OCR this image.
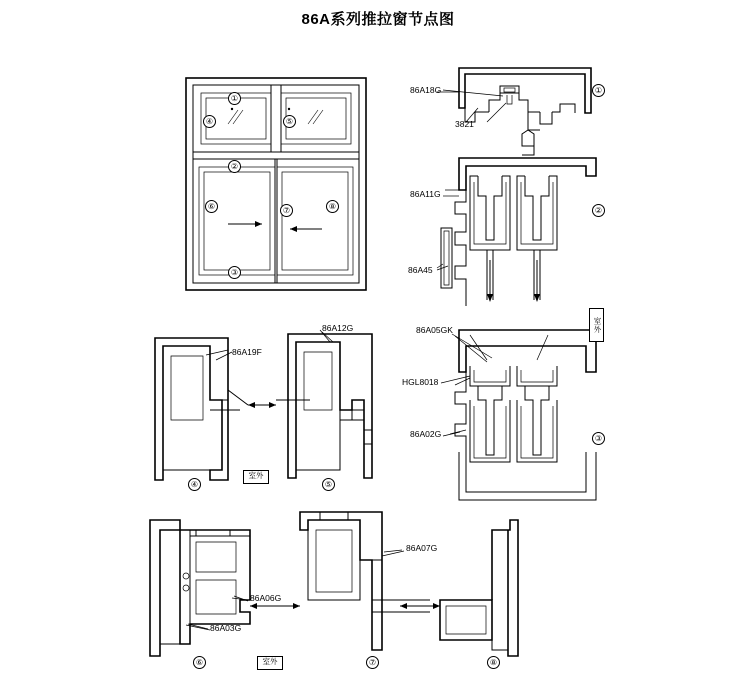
86A系列推拉窗节点图
86A18G
3821
86A11G
86A45
86A05GK
HGL8018
86A02G
86A19F
86A12G
86A03G
86A06G
86A07G
室外
室外
室外
①
②
③
④	⑤
⑥	⑦	⑧
①
②
③
④	⑤
⑥	⑦	⑧
